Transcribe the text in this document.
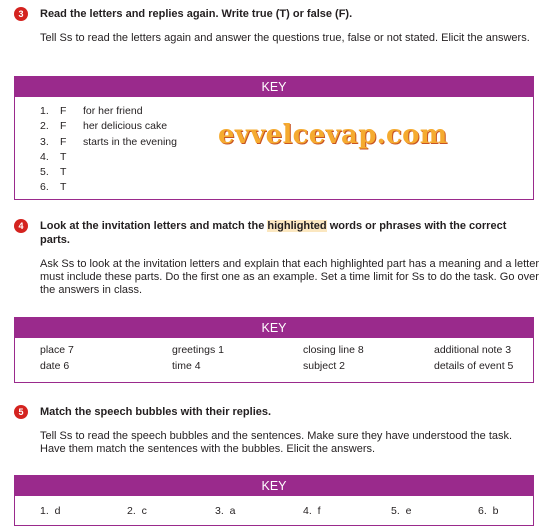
3	Read the letters and replies again. Write true (T) or false (F).
Tell Ss to read the letters again and answer the questions true, false or not stated. Elicit the answers.
KEY
1. F for her friend
2. F her delicious cake
3. F starts in the evening
4. T
5. T
6. T
evvelcevap.com
4	Look at the invitation letters and match the highlighted words or phrases with the correct parts.
Ask Ss to look at the invitation letters and explain that each highlighted part has a meaning and a letter must include these parts. Do the first one as an example. Set a time limit for Ss to do the task. Go over the answers in class.
KEY
place 7	greetings 1	closing line 8	additional note 3
date 6	time 4	subject 2	details of event 5
5	Match the speech bubbles with their replies.
Tell Ss to read the speech bubbles and the sentences. Make sure they have understood the task. Have them match the sentences with the bubbles. Elicit the answers.
KEY
1.  d	2.  c	3.  a	4.  f	5.  e	6.  b
